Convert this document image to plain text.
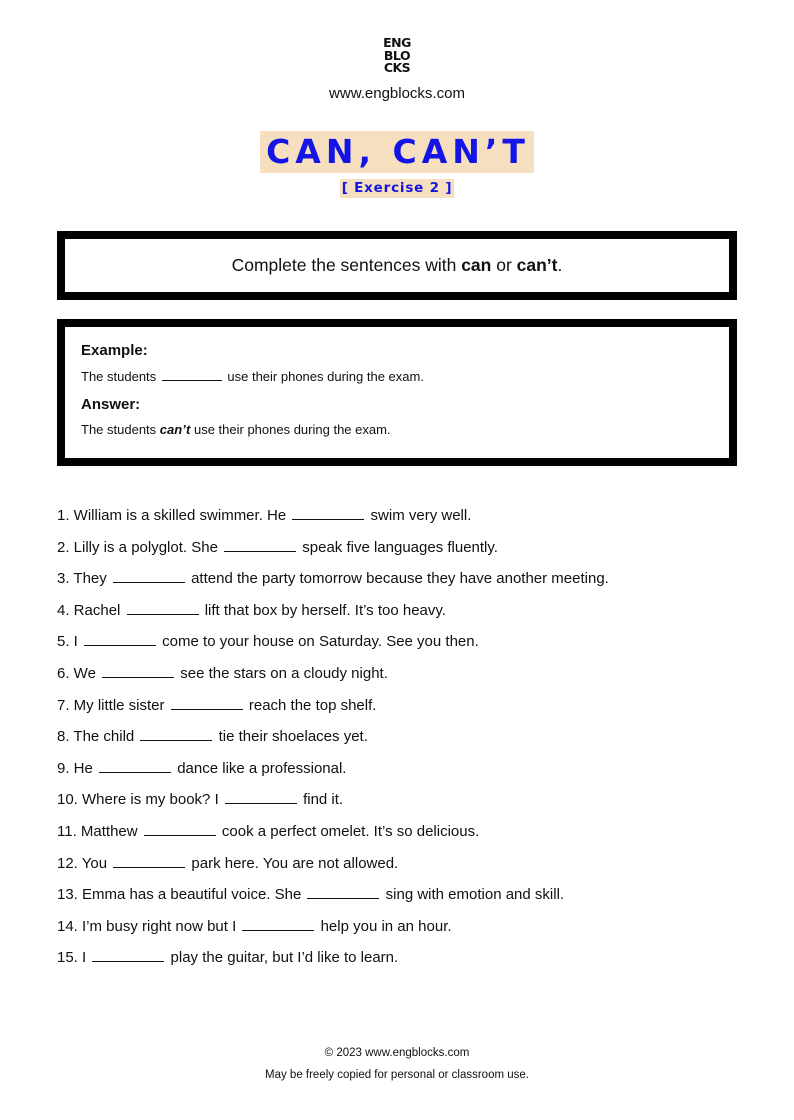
ENG
BLO
CKS
www.engblocks.com
CAN, CAN’T
[ Exercise 2 ]
Complete the sentences with can or can’t.
Example:
The students	use their phones during the exam.
Answer:
The students can’t use their phones during the exam.
1. William is a skilled swimmer. He	swim very well.
2. Lilly is a polyglot. She	speak five languages fluently.
3. They	attend the party tomorrow because they have another meeting.
4. Rachel	lift that box by herself. It’s too heavy.
5. I	come to your house on Saturday. See you then.
6. We	see the stars on a cloudy night.
7. My little sister	reach the top shelf.
8. The child	tie their shoelaces yet.
9. He	dance like a professional.
10. Where is my book? I	find it.
11. Matthew	cook a perfect omelet. It’s so delicious.
12. You	park here. You are not allowed.
13. Emma has a beautiful voice. She	sing with emotion and skill.
14. I’m busy right now but I	help you in an hour.
15. I	play the guitar, but I’d like to learn.
© 2023 www.engblocks.com
May be freely copied for personal or classroom use.
